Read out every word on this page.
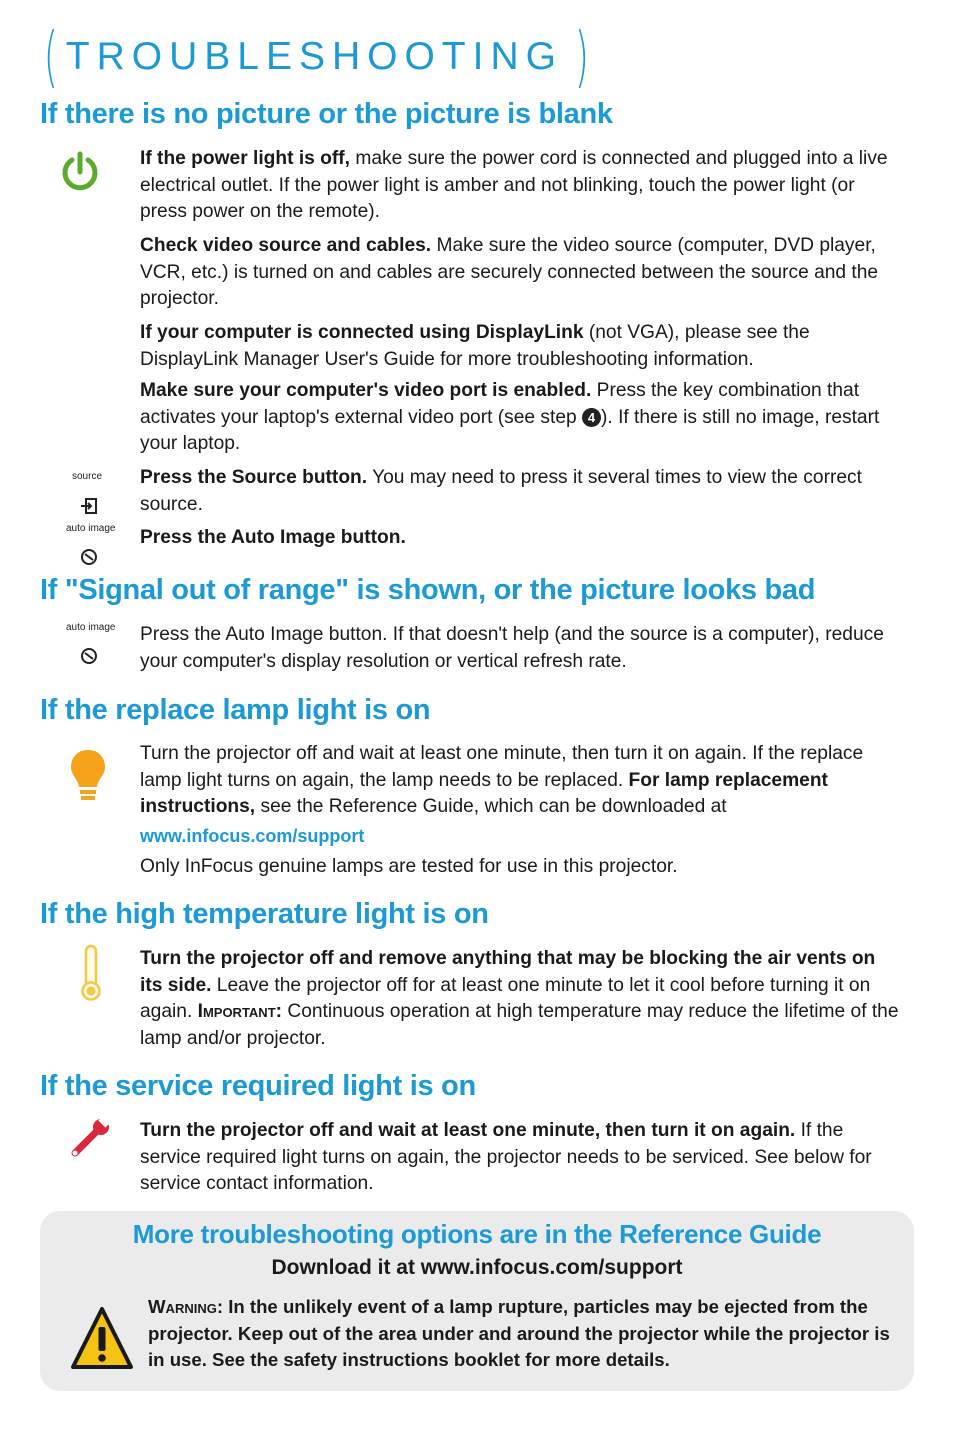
( TROUBLESHOOTING )
If there is no picture or the picture is blank

If the power light is off, make sure the power cord is connected and plugged into a live electrical outlet. If the power light is amber and not blinking, touch the power light (or press power on the remote).

Check video source and cables. Make sure the video source (computer, DVD player, VCR, etc.) is turned on and cables are securely connected between the source and the projector.

If your computer is connected using DisplayLink (not VGA), please see the DisplayLink Manager User's Guide for more troubleshooting information.

Make sure your computer's video port is enabled. Press the key combination that activates your laptop's external video port (see step 4 ). If there is still no image, restart your laptop.

source Press the Source button. You may need to press it several times to view the correct source.

auto image Press the Auto Image button.

If "Signal out of range" is shown, or the picture looks bad
auto image Press the Auto Image button. If that doesn't help (and the source is a computer), reduce your computer's display resolution or vertical refresh rate.

If the replace lamp light is on

Turn the projector off and wait at least one minute, then turn it on again. If the replace lamp light turns on again, the lamp needs to be replaced. For lamp replacement instructions, see the Reference Guide, which can be downloaded at

www.infocus.com/support

Only InFocus genuine lamps are tested for use in this projector.

If the high temperature light is on

Turn the projector off and remove anything that may be blocking the air vents on its side. Leave the projector off for at least one minute to let it cool before turning it on again. Important: Continuous operation at high temperature may reduce the lifetime of the lamp and/or projector.

If the service required light is on

Turn the projector off and wait at least one minute, then turn it on again. If the service required light turns on again, the projector needs to be serviced. See below for service contact information.

More troubleshooting options are in the Reference Guide

Download it at www.infocus.com/support

Warning: In the unlikely event of a lamp rupture, particles may be ejected from the projector. Keep out of the area under and around the projector while the projector is in use. See the safety instructions booklet for more details.
